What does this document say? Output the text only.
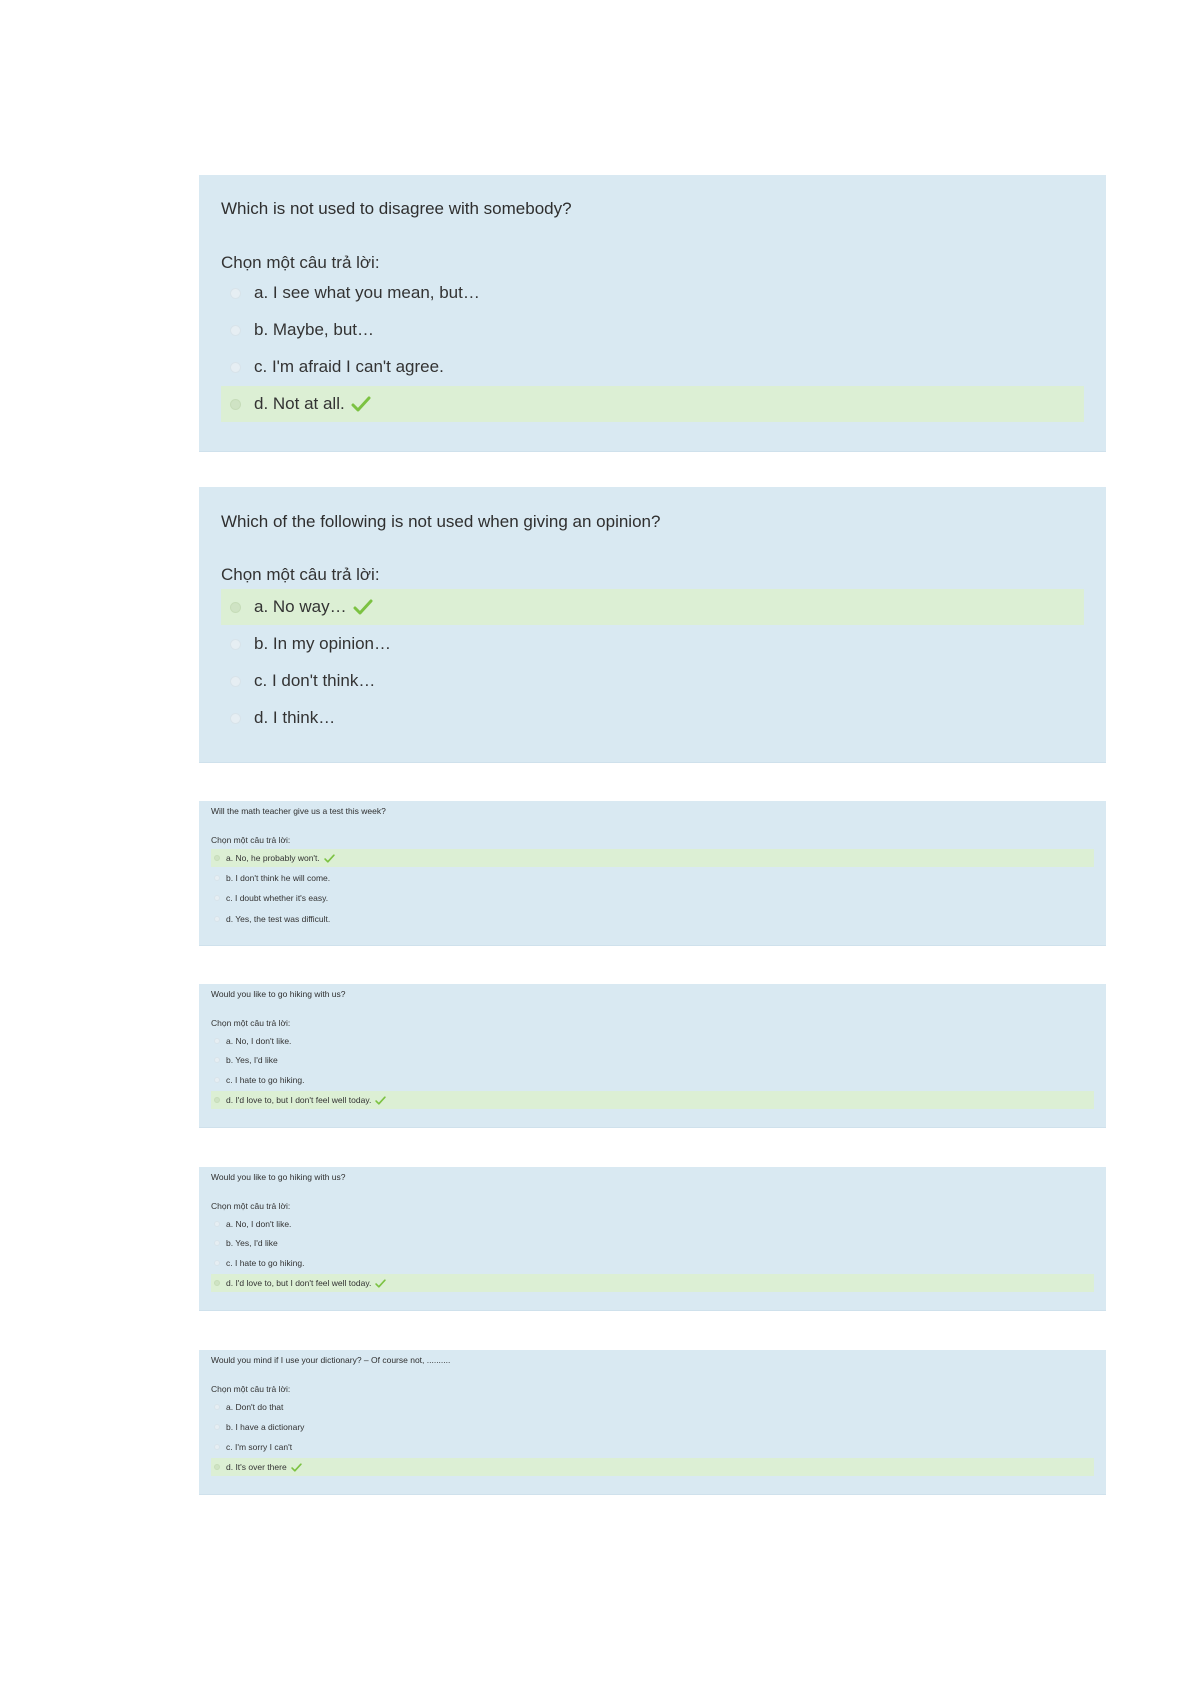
Which is not used to disagree with somebody?

Chọn một câu trả lời:

a. I see what you mean, but…
b. Maybe, but…
c. I'm afraid I can't agree.
d. Not at all.

Which of the following is not used when giving an opinion?

Chọn một câu trả lời:

a. No way…
b. In my opinion…
c. I don't think…
d. I think…

Will the math teacher give us a test this week?

Chọn một câu trả lời:

a. No, he probably won't.
b. I don't think he will come.
c. I doubt whether it's easy.
d. Yes, the test was difficult.

Would you like to go hiking with us?

Chọn một câu trả lời:

a. No, I don't like.
b. Yes, I'd like
c. I hate to go hiking.
d. I'd love to, but I don't feel well today.

Would you like to go hiking with us?

Chọn một câu trả lời:

a. No, I don't like.
b. Yes, I'd like
c. I hate to go hiking.
d. I'd love to, but I don't feel well today.

Would you mind if I use your dictionary? – Of course not, ..........

Chọn một câu trả lời:

a. Don't do that
b. I have a dictionary
c. I'm sorry I can't
d. It's over there
